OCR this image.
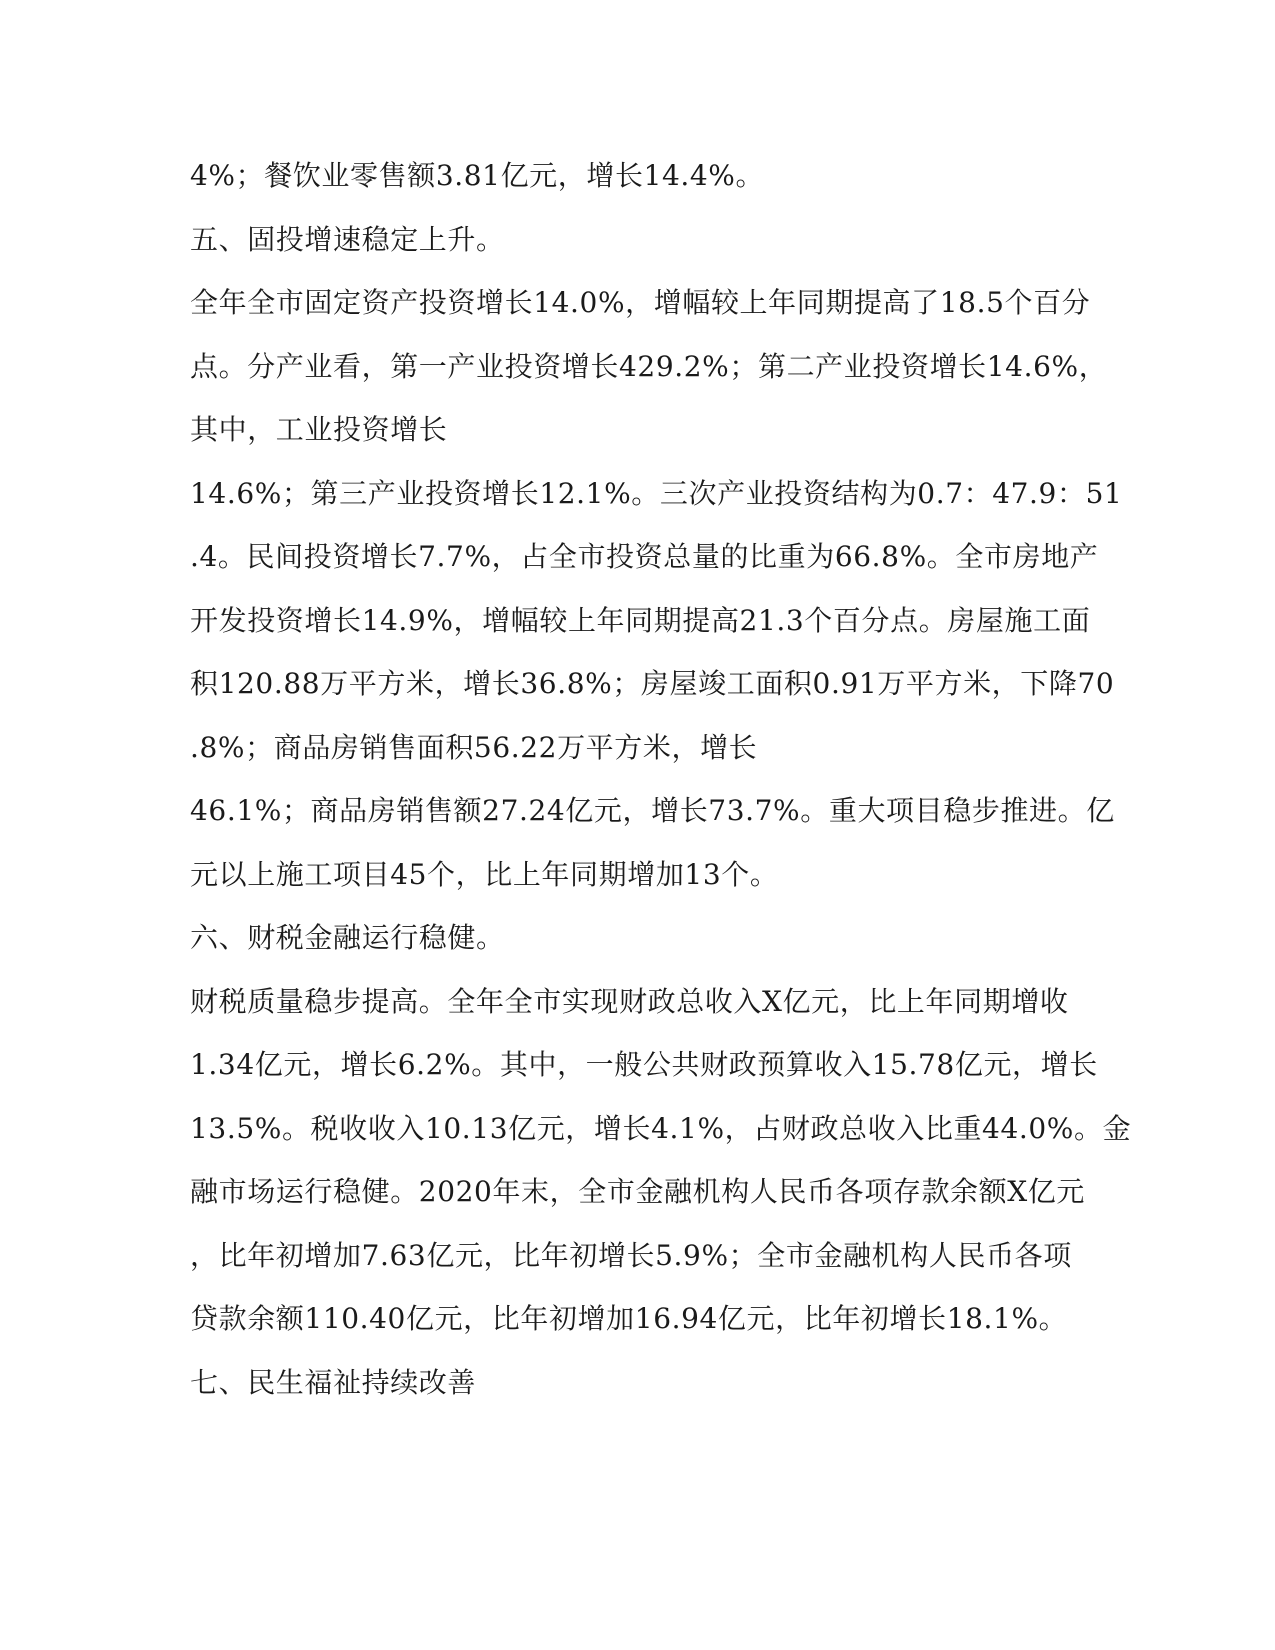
4%；餐饮业零售额3.81亿元，增长14.4%。
五、固投增速稳定上升。
全年全市固定资产投资增长14.0%，增幅较上年同期提高了18.5个百分
点。分产业看，第一产业投资增长429.2%；第二产业投资增长14.6%，
其中，工业投资增长
14.6%；第三产业投资增长12.1%。三次产业投资结构为0.7：47.9：51
.4。民间投资增长7.7%，占全市投资总量的比重为66.8%。全市房地产
开发投资增长14.9%，增幅较上年同期提高21.3个百分点。房屋施工面
积120.88万平方米，增长36.8%；房屋竣工面积0.91万平方米，下降70
.8%；商品房销售面积56.22万平方米，增长
46.1%；商品房销售额27.24亿元，增长73.7%。重大项目稳步推进。亿
元以上施工项目45个，比上年同期增加13个。
六、财税金融运行稳健。
财税质量稳步提高。全年全市实现财政总收入X亿元，比上年同期增收
1.34亿元，增长6.2%。其中，一般公共财政预算收入15.78亿元，增长
13.5%。税收收入10.13亿元，增长4.1%，占财政总收入比重44.0%。金
融市场运行稳健。2020年末，全市金融机构人民币各项存款余额X亿元
，比年初增加7.63亿元，比年初增长5.9%；全市金融机构人民币各项
贷款余额110.40亿元，比年初增加16.94亿元，比年初增长18.1%。
七、民生福祉持续改善
